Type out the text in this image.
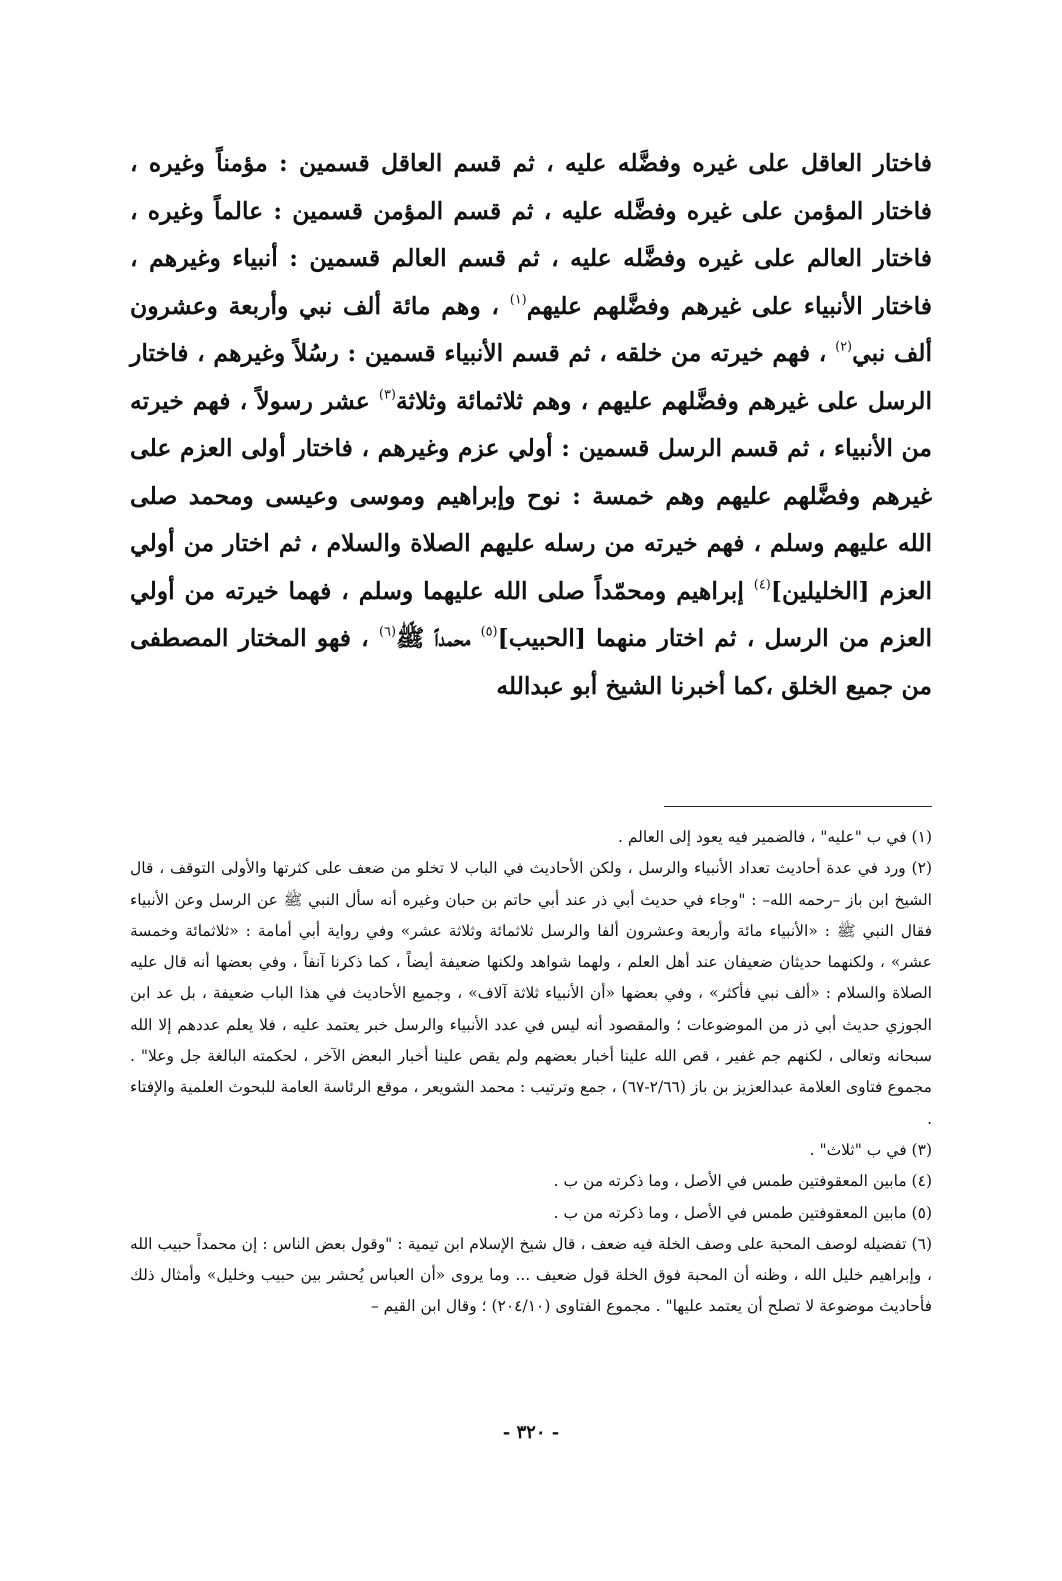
فاختار العاقل على غيره وفضَّله عليه ، ثم قسم العاقل قسمين : مؤمناً وغيره ، فاختار المؤمن على غيره وفضَّله عليه ، ثم قسم المؤمن قسمين : عالماً وغيره ، فاختار العالم على غيره وفضَّله عليه ، ثم قسم العالم قسمين : أنبياء وغيرهم ، فاختار الأنبياء على غيرهم وفضَّلهم عليهم$^{(١)}$ ، وهم مائة ألف نبي وأربعة وعشرون ألف نبي$^{(٢)}$ ، فهم خيرته من خلقه ، ثم قسم الأنبياء قسمين : رسُلاً وغيرهم ، فاختار الرسل على غيرهم وفضَّلهم عليهم ، وهم ثلاثمائة وثلاثة$^{(٣)}$ عشر رسولاً ، فهم خيرته من الأنبياء ، ثم قسم الرسل قسمين : أولي عزم وغيرهم ، فاختار أولى العزم على غيرهم وفضَّلهم عليهم وهم خمسة : نوح وإبراهيم وموسى وعيسى ومحمد صلى الله عليهم وسلم ، فهم خيرته من رسله عليهم الصلاة والسلام ، ثم اختار من أولي العزم [الخليلين]$^{(٤)}$ إبراهيم ومحمّداً صلى الله عليهما وسلم ، فهما خيرته من أولي العزم من الرسل ، ثم اختار منهما [الحبيب]$^{(٥)}$ محمداً ﷺ$^{(٦)}$ ، فهو المختار المصطفى من جميع الخلق ،كما أخبرنا الشيخ أبو عبدالله

(١) في ب "عليه" ، فالضمير فيه يعود إلى العالم .

(٢) ورد في عدة أحاديث تعداد الأنبياء والرسل ، ولكن الأحاديث في الباب لا تخلو من ضعف على كثرتها والأولى التوقف ، قال الشيخ ابن باز –رحمه الله– : "وجاء في حديث أبي ذر عند أبي حاتم بن حبان وغيره أنه سأل النبي ﷺ عن الرسل وعن الأنبياء فقال النبي ﷺ : «الأنبياء مائة وأربعة وعشرون ألفا والرسل ثلاثمائة وثلاثة عشر» وفي رواية أبي أمامة : «ثلاثمائة وخمسة عشر» ، ولكنهما حديثان ضعيفان عند أهل العلم ، ولهما شواهد ولكنها ضعيفة أيضاً ، كما ذكرنا آنفاً ، وفي بعضها أنه قال عليه الصلاة والسلام : «ألف نبي فأكثر» ، وفي بعضها «أن الأنبياء ثلاثة آلاف» ، وجميع الأحاديث في هذا الباب ضعيفة ، بل عد ابن الجوزي حديث أبي ذر من الموضوعات ؛ والمقصود أنه ليس في عدد الأنبياء والرسل خبر يعتمد عليه ، فلا يعلم عددهم إلا الله سبحانه وتعالى ، لكنهم جم غفير ، قص الله علينا أخبار بعضهم ولم يقص علينا أخبار البعض الآخر ، لحكمته البالغة جل وعلا" . مجموع فتاوى العلامة عبدالعزيز بن باز (٢/٦٦-٦٧) ، جمع وترتيب : محمد الشويعر ، موقع الرئاسة العامة للبحوث العلمية والإفتاء .

(٣) في ب "ثلاث" .

(٤) مابين المعقوفتين طمس في الأصل ، وما ذكرته من ب .

(٥) مابين المعقوفتين طمس في الأصل ، وما ذكرته من ب .

(٦) تفضيله لوصف المحبة على وصف الخلة فيه ضعف ، قال شيخ الإسلام ابن تيمية : "وقول بعض الناس : إن محمداً حبيب الله ، وإبراهيم خليل الله ، وظنه أن المحبة فوق الخلة قول ضعيف ... وما يروى «أن العباس يُحشر بين حبيب وخليل» وأمثال ذلك فأحاديث موضوعة لا تصلح أن يعتمد عليها" . مجموع الفتاوى (٢٠٤/١٠) ؛ وقال ابن القيم –

- ٣٢٠ -
